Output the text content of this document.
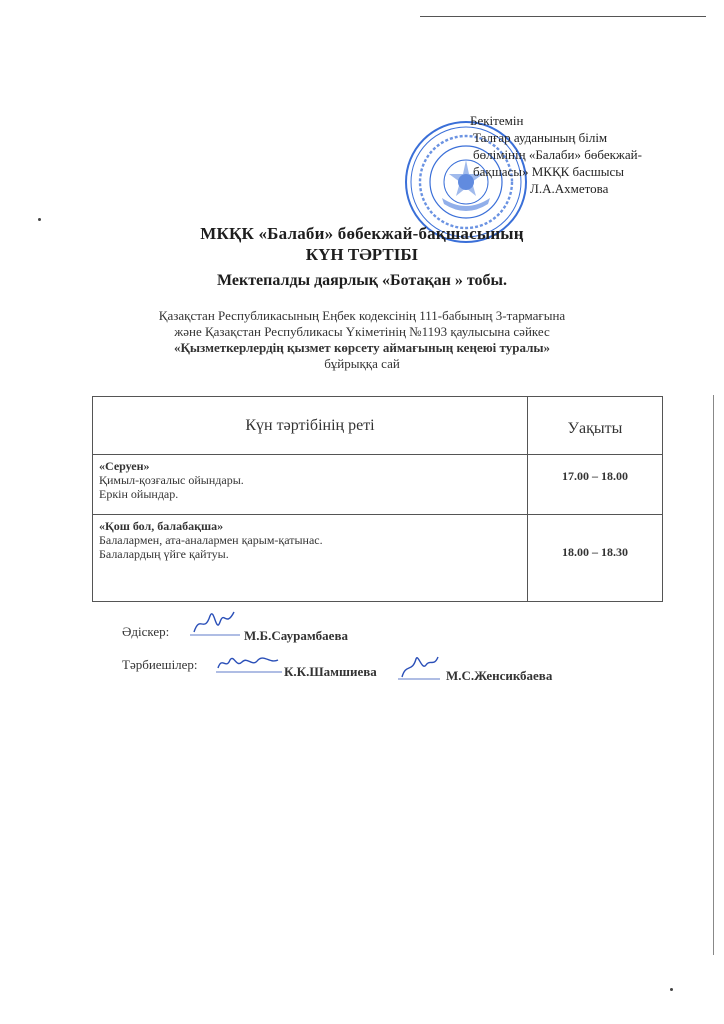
Бекітемін
Талғар ауданының білім
бөлімінің «Балаби» бөбекжай-
бақшасы» МКҚК басшысы
Л.А.Ахметова
МКҚК «Балаби» бөбекжай-бақшасының
КҮН ТӘРТІБІ
Мектепалды даярлық «Ботақан » тобы.
Қазақстан Республикасының Еңбек кодексінің 111-бабының 3-тармағына
және Қазақстан Республикасы Үкіметінің №1193 қаулысына сәйкес
«Қызметкерлердің қызмет көрсету аймағының кеңеюі туралы»
бұйрыққа сай
Күн тәртібінің реті	Уақыты

«Серуен»
Қимыл-қозғалыс ойындары.
Еркін ойындар.	17.00 – 18.00

«Қош бол, балабақша»
Балалармен, ата-аналармен қарым-қатынас.
Балалардың үйге қайтуы.	18.00 – 18.30
Әдіскер:	М.Б.Саурамбаева
Тәрбиешілер:	К.К.Шамшиева	М.С.Женсикбаева
